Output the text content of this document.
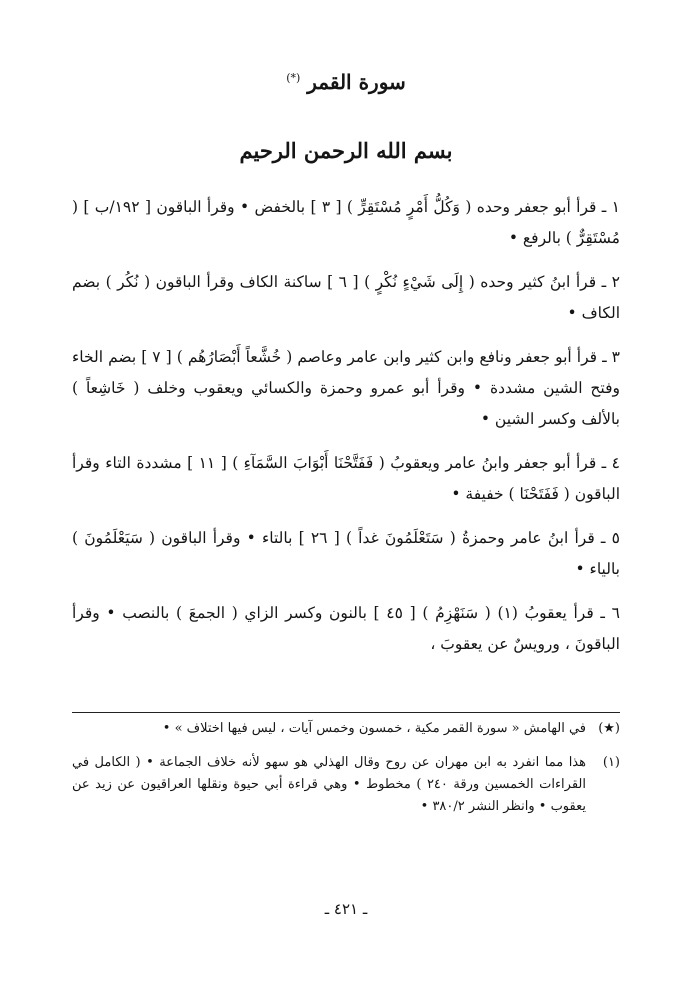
سورة القمر (*)
بسم الله الرحمن الرحيم

١ ـ قرأ أبو جعفر وحده ( وَكُلُّ أَمْرٍ مُسْتَقِرٍّ ) [ ٣ ] بالخفض • وقرأ الباقون [ ١٩٢/ب ] ( مُسْتَقِرٌّ ) بالرفع •

٢ ـ قرأ ابنُ كثير وحده ( إِلَى شَيْءٍ نُكْرٍ ) [ ٦ ] ساكنة الكاف وقرأ الباقون ( نُكُر ) بضم الكاف •

٣ ـ قرأ أبو جعفر ونافع وابن كثير وابن عامر وعاصم ( خُشَّعاً أَبْصَارُهُم ) [ ٧ ] بضم الخاء وفتح الشين مشددة • وقرأ أبو عمرو وحمزة والكسائي ويعقوب وخلف ( خَاشِعاً ) بالألف وكسر الشين •

٤ ـ قرأ أبو جعفر وابنُ عامر ويعقوبُ ( فَفَتَّحْنَا أَبْوَابَ السَّمَآءِ ) [ ١١ ] مشددة التاء وقرأ الباقون ( فَفَتَحْنَا ) خفيفة •

٥ ـ قرأ ابنُ عامر وحمزةُ ( سَتَعْلَمُونَ غداً ) [ ٢٦ ] بالتاء • وقرأ الباقون ( سَيَعْلَمُونَ ) بالياء •

٦ ـ قرأ يعقوبُ (١) ( سَنَهْزِمُ ) [ ٤٥ ] بالنون وكسر الزاي ( الجمعَ ) بالنصب • وقرأ الباقونَ ، ورويسٌ عن يعقوبَ ،

(★)
في الهامش « سورة القمر مكية ، خمسون وخمس آيات ، ليس فيها اختلاف » •
(١)
هذا مما انفرد به ابن مهران عن روح وقال الهذلي هو سهو لأنه خلاف الجماعة • ( الكامل في القراءات الخمسين ورقة ٢٤٠ ) مخطوط • وهي قراءة أبي حيوة ونقلها العراقيون عن زيد عن يعقوب • وانظر النشر ٣٨٠/٢ •
ـ ٤٢١ ـ
